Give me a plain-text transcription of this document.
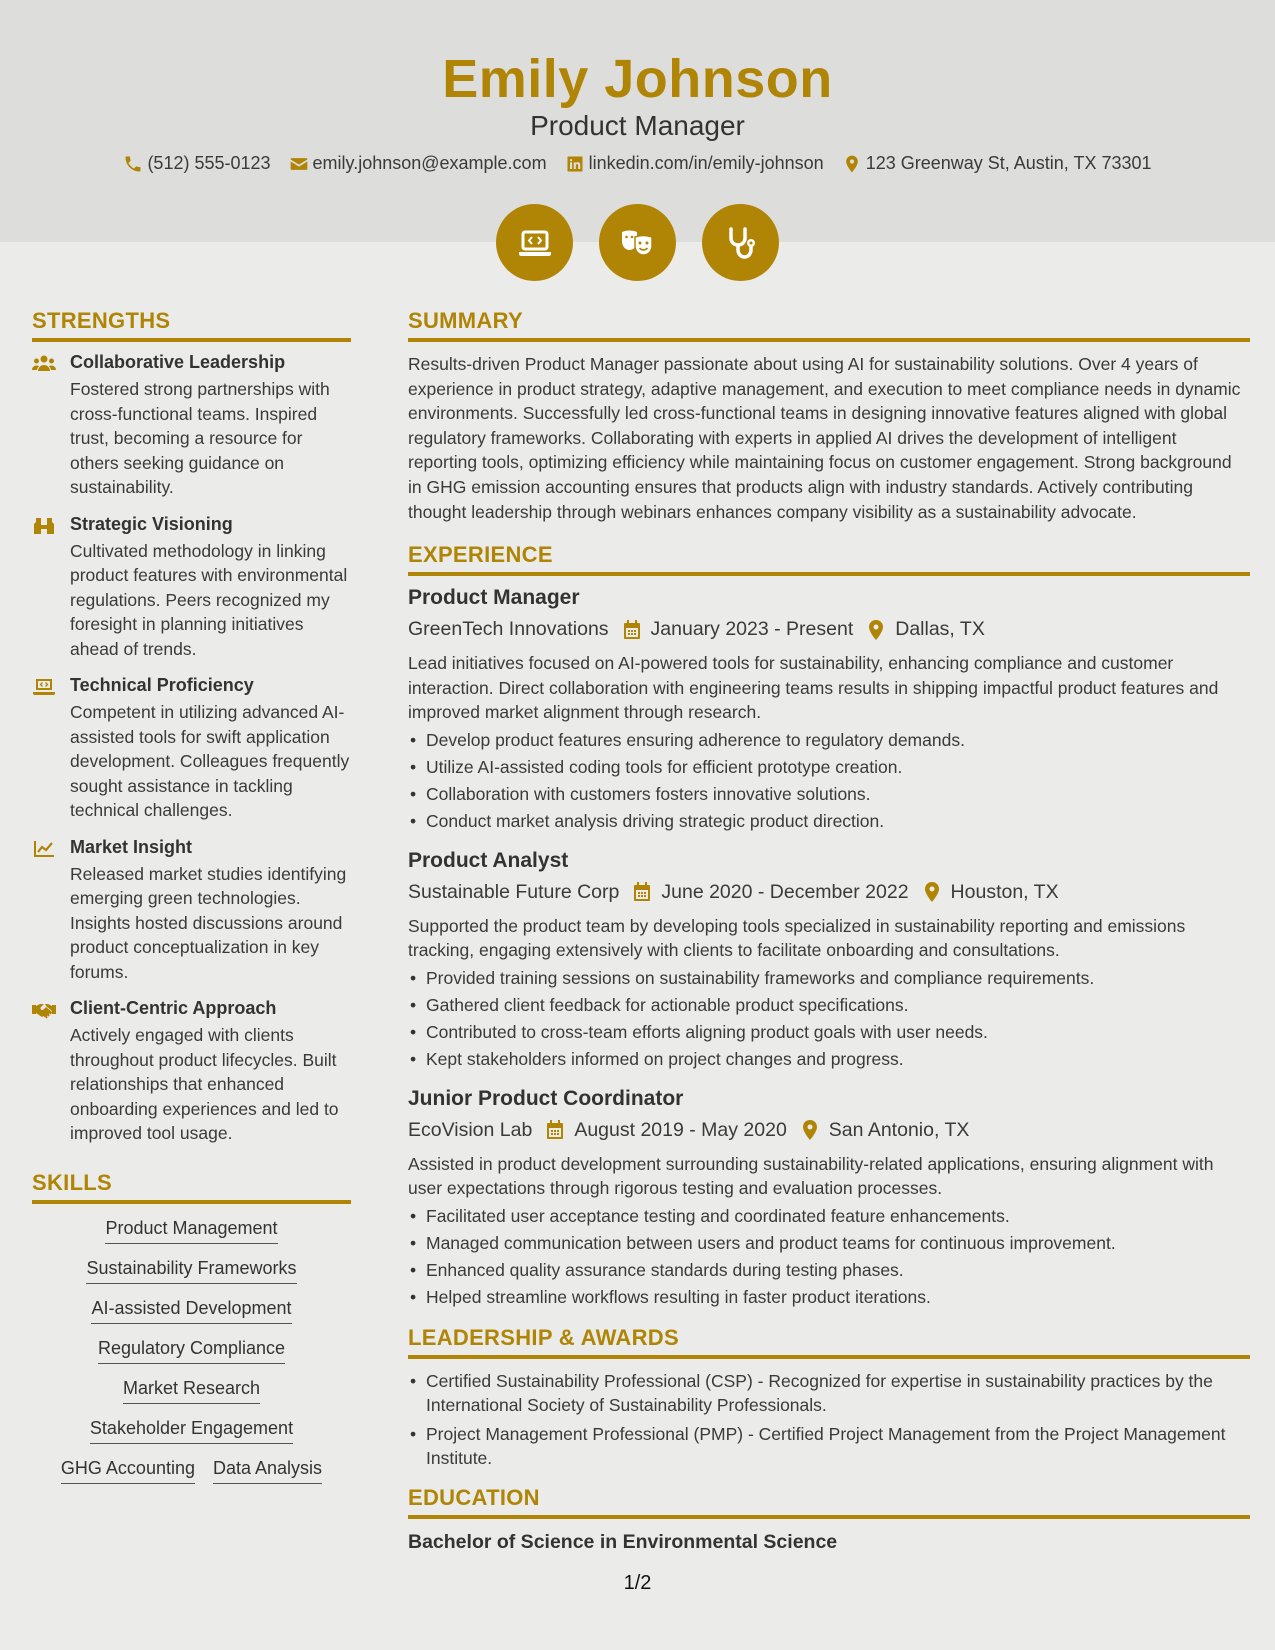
Emily Johnson
Product Manager
(512) 555-0123 emily.johnson@example.com linkedin.com/in/emily-johnson 123 Greenway St, Austin, TX 73301
STRENGTHS
Collaborative Leadership

Fostered strong partnerships with cross-functional teams. Inspired trust, becoming a resource for others seeking guidance on sustainability.

Strategic Visioning

Cultivated methodology in linking product features with environmental regulations. Peers recognized my foresight in planning initiatives ahead of trends.

Technical Proficiency

Competent in utilizing advanced AI-assisted tools for swift application development. Colleagues frequently sought assistance in tackling technical challenges.

Market Insight

Released market studies identifying emerging green technologies. Insights hosted discussions around product conceptualization in key forums.

Client-Centric Approach

Actively engaged with clients throughout product lifecycles. Built relationships that enhanced onboarding experiences and led to improved tool usage.

SKILLS
Product Management
Sustainability Frameworks
AI-assisted Development
Regulatory Compliance
Market Research
Stakeholder Engagement
GHG Accounting Data Analysis
SUMMARY

Results-driven Product Manager passionate about using AI for sustainability solutions. Over 4 years of experience in product strategy, adaptive management, and execution to meet compliance needs in dynamic environments. Successfully led cross-functional teams in designing innovative features aligned with global regulatory frameworks. Collaborating with experts in applied AI drives the development of intelligent reporting tools, optimizing efficiency while maintaining focus on customer engagement. Strong background in GHG emission accounting ensures that products align with industry standards. Actively contributing thought leadership through webinars enhances company visibility as a sustainability advocate.

EXPERIENCE
Product Manager
GreenTech Innovations January 2023 - Present Dallas, TX

Lead initiatives focused on AI-powered tools for sustainability, enhancing compliance and customer interaction. Direct collaboration with engineering teams results in shipping impactful product features and improved market alignment through research.

• Develop product features ensuring adherence to regulatory demands.
• Utilize AI-assisted coding tools for efficient prototype creation.
• Collaboration with customers fosters innovative solutions.
• Conduct market analysis driving strategic product direction.
Product Analyst
Sustainable Future Corp June 2020 - December 2022 Houston, TX

Supported the product team by developing tools specialized in sustainability reporting and emissions tracking, engaging extensively with clients to facilitate onboarding and consultations.

• Provided training sessions on sustainability frameworks and compliance requirements.
• Gathered client feedback for actionable product specifications.
• Contributed to cross-team efforts aligning product goals with user needs.
• Kept stakeholders informed on project changes and progress.
Junior Product Coordinator
EcoVision Lab August 2019 - May 2020 San Antonio, TX

Assisted in product development surrounding sustainability-related applications, ensuring alignment with user expectations through rigorous testing and evaluation processes.

• Facilitated user acceptance testing and coordinated feature enhancements.
• Managed communication between users and product teams for continuous improvement.
• Enhanced quality assurance standards during testing phases.
• Helped streamline workflows resulting in faster product iterations.
LEADERSHIP & AWARDS
• Certified Sustainability Professional (CSP) - Recognized for expertise in sustainability practices by the International Society of Sustainability Professionals.
• Project Management Professional (PMP) - Certified Project Management from the Project Management Institute.
EDUCATION
Bachelor of Science in Environmental Science
1/2
